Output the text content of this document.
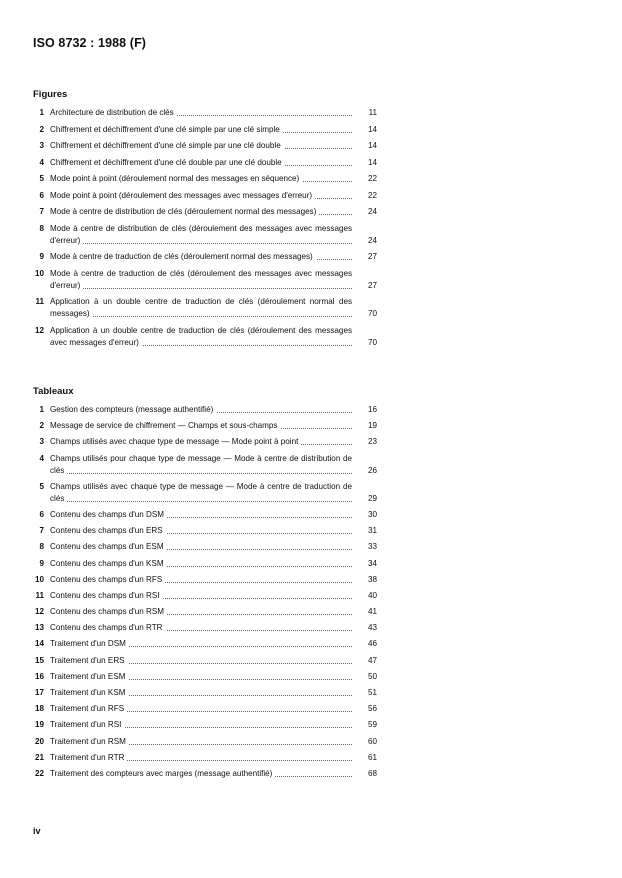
ISO 8732 : 1988 (F)
Figures
1 Architecture de distribution de clés	11
2 Chiffrement et déchiffrement d'une clé simple par une clé simple	14
3 Chiffrement et déchiffrement d'une clé simple par une clé double	14
4 Chiffrement et déchiffrement d'une clé double par une clé double	14
5 Mode point à point (déroulement normal des messages en séquence)	22
6 Mode point à point (déroulement des messages avec messages d'erreur)	22
7 Mode à centre de distribution de clés (déroulement normal des messages)	24
8 Mode à centre de distribution de clés (déroulement des messages avec messages d'erreur)	24
9 Mode à centre de traduction de clés (déroulement normal des messages)	27
10 Mode à centre de traduction de clés (déroulement des messages avec messages d'erreur)	27
11 Application à un double centre de traduction de clés (déroulement normal des messages)	70
12 Application à un double centre de traduction de clés (déroulement des messages avec messages d'erreur)	70
Tableaux
1 Gestion des compteurs (message authentifié)	16
2 Message de service de chiffrement — Champs et sous-champs	19
3 Champs utilisés avec chaque type de message — Mode point à point	23
4 Champs utilisés pour chaque type de message — Mode à centre de distribution de clés	26
5 Champs utilisés avec chaque type de message — Mode à centre de traduction de clés	29
6 Contenu des champs d'un DSM	30
7 Contenu des champs d'un ERS	31
8 Contenu des champs d'un ESM	33
9 Contenu des champs d'un KSM	34
10 Contenu des champs d'un RFS	38
11 Contenu des champs d'un RSI	40
12 Contenu des champs d'un RSM	41
13 Contenu des champs d'un RTR	43
14 Traitement d'un DSM	46
15 Traitement d'un ERS	47
16 Traitement d'un ESM	50
17 Traitement d'un KSM	51
18 Traitement d'un RFS	56
19 Traitement d'un RSI	59
20 Traitement d'un RSM	60
21 Traitement d'un RTR	61
22 Traitement des compteurs avec marges (message authentifié)	68
iv
